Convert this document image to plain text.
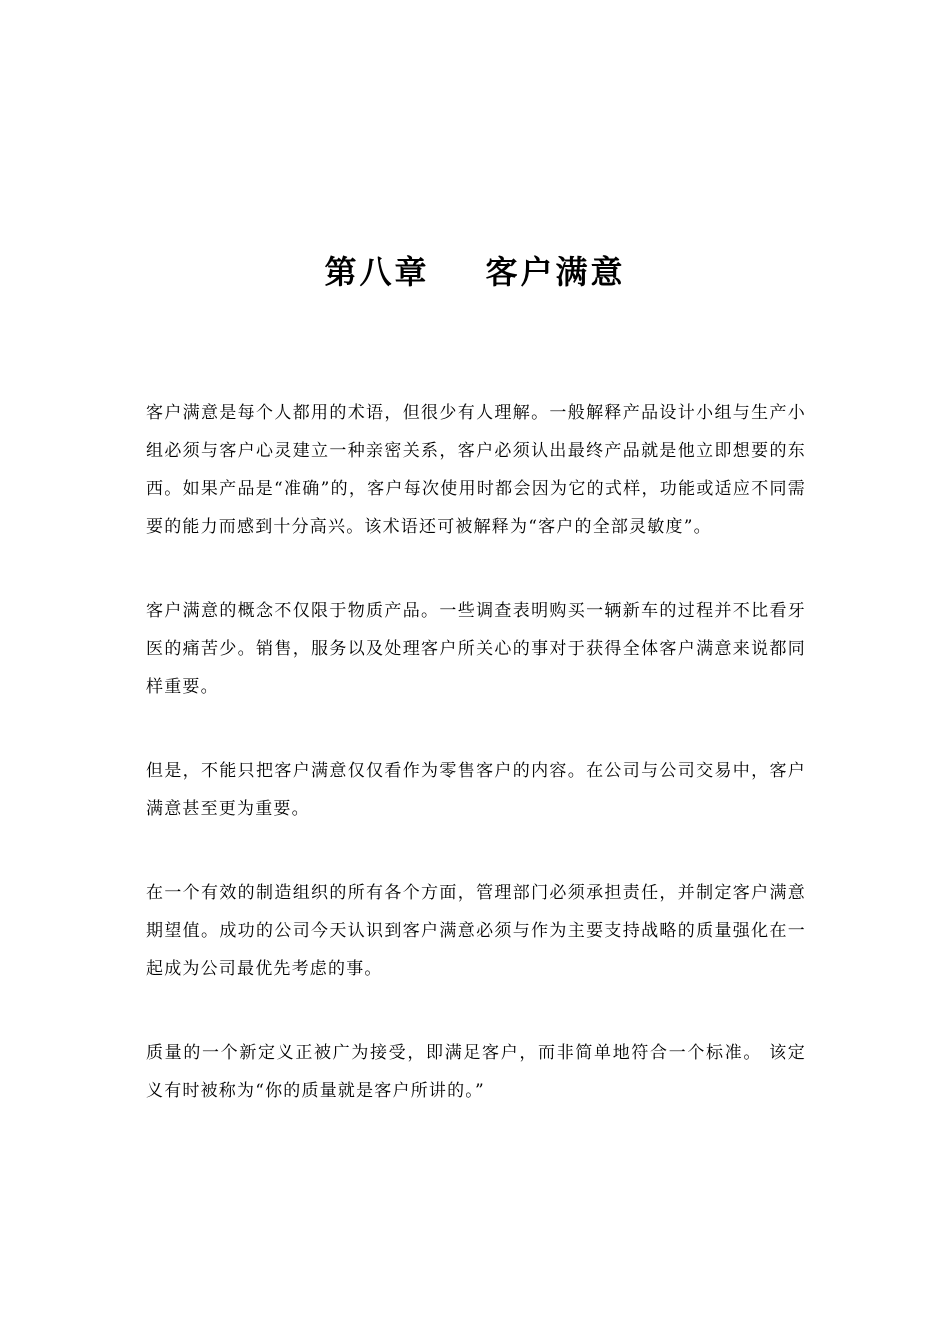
第八章 客户满意

客户满意是每个人都用的术语，但很少有人理解。一般解释产品设计小组与生产小组必须与客户心灵建立一种亲密关系，客户必须认出最终产品就是他立即想要的东西。如果产品是“准确”的，客户每次使用时都会因为它的式样，功能或适应不同需要的能力而感到十分高兴。该术语还可被解释为“客户的全部灵敏度”。

客户满意的概念不仅限于物质产品。一些调查表明购买一辆新车的过程并不比看牙医的痛苦少。销售，服务以及处理客户所关心的事对于获得全体客户满意来说都同样重要。

但是，不能只把客户满意仅仅看作为零售客户的内容。在公司与公司交易中，客户满意甚至更为重要。

在一个有效的制造组织的所有各个方面，管理部门必须承担责任，并制定客户满意期望值。成功的公司今天认识到客户满意必须与作为主要支持战略的质量强化在一起成为公司最优先考虑的事。

质量的一个新定义正被广为接受，即满足客户，而非简单地符合一个标准。 该定义有时被称为“你的质量就是客户所讲的。”
